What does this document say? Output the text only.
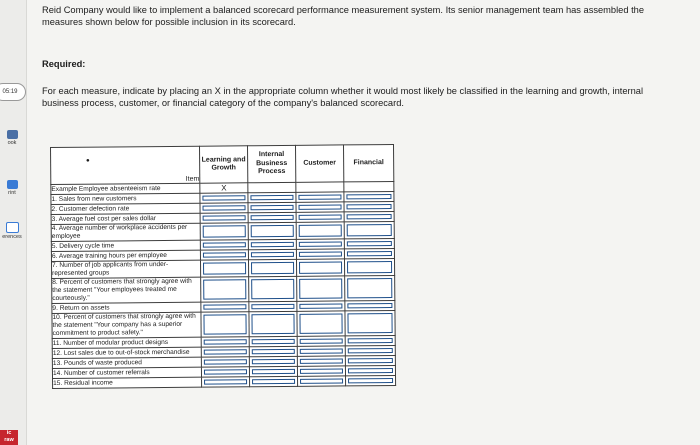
05:19
ook
rint
erences
ic
raw

Reid Company would like to implement a balanced scorecard performance measurement system. Its senior management team has assembled the measures shown below for possible inclusion in its scorecard.

Required:

For each measure, indicate by placing an X in the appropriate column whether it would most likely be classified in the learning and growth, internal business process, customer, or financial category of the company's balanced scorecard.

•
Item	Learning and Growth	Internal Business Process	Customer	Financial
Example Employee absenteeism rate	X			
1. Sales from new customers				
2. Customer defection rate				
3. Average fuel cost per sales dollar				
4. Average number of workplace accidents per employee				
5. Delivery cycle time				
6. Average training hours per employee				
7. Number of job applicants from under-represented groups				
8. Percent of customers that strongly agree with the statement "Your employees treated me courteously."				
9. Return on assets				
10. Percent of customers that strongly agree with the statement "Your company has a superior commitment to product safety."				
11. Number of modular product designs				
12. Lost sales due to out-of-stock merchandise				
13. Pounds of waste produced				
14. Number of customer referrals				
15. Residual income				
